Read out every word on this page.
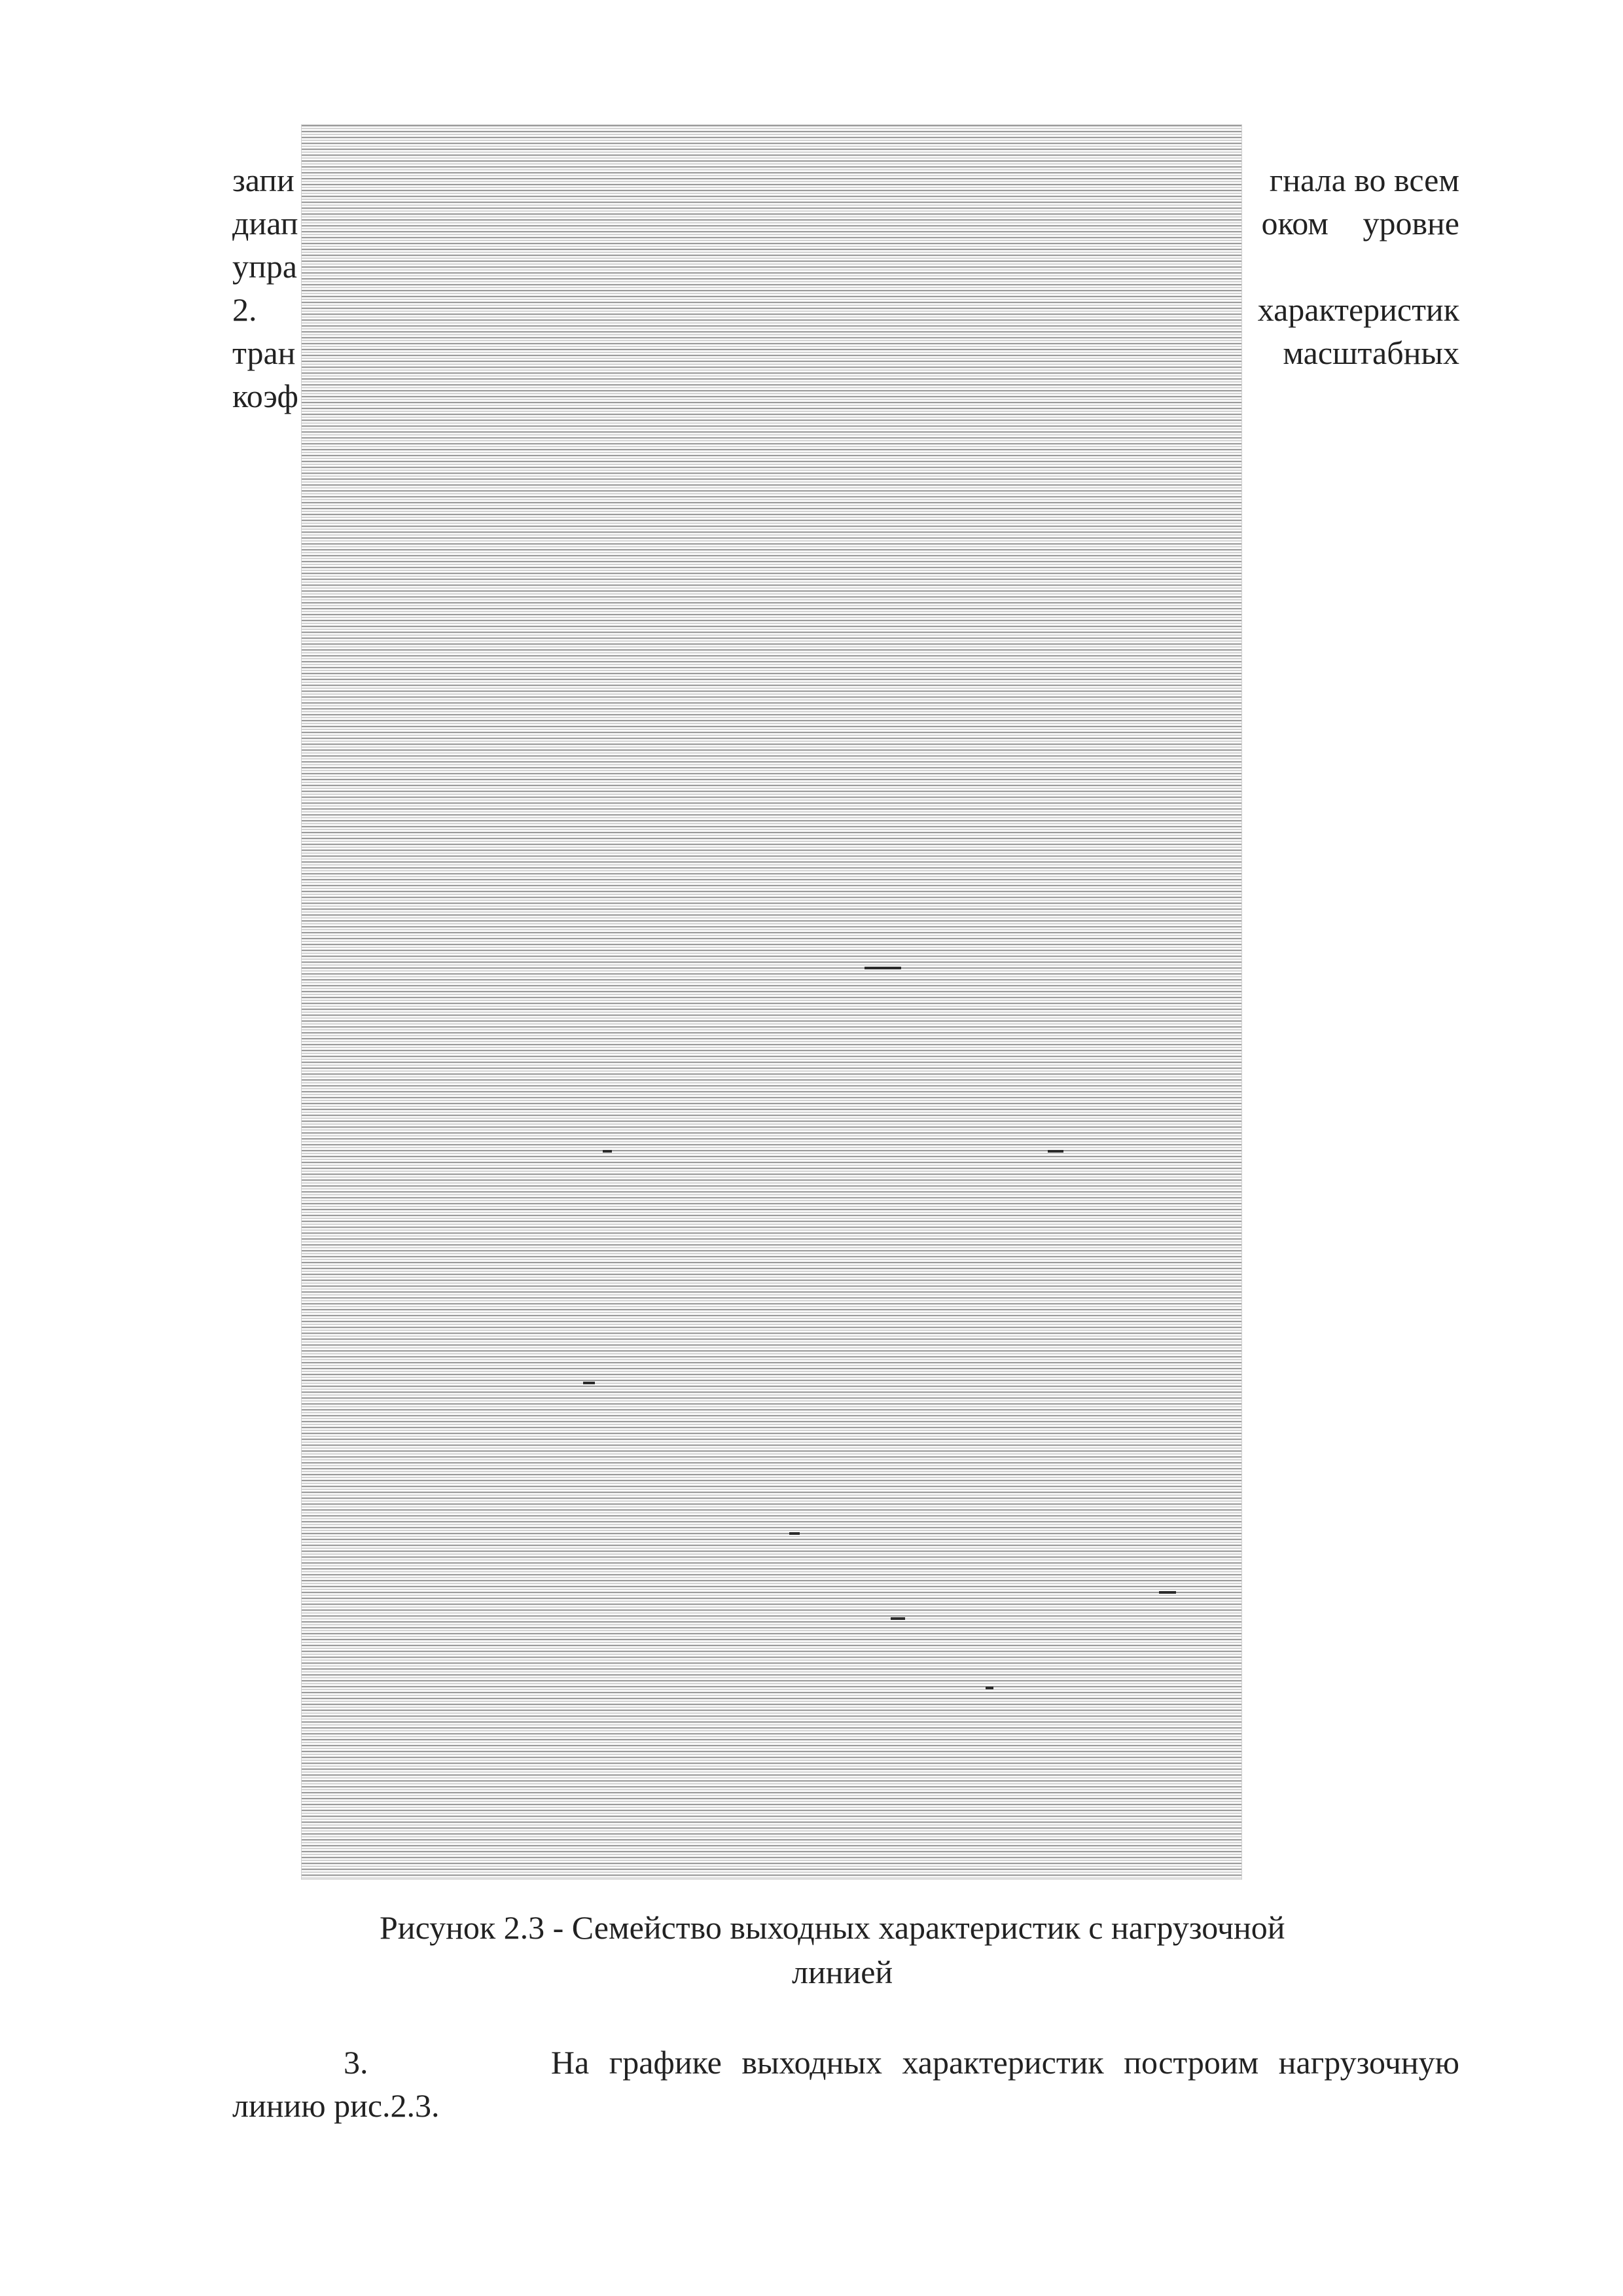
запи	гнала во всем
диап	оком уровне
упра
2.	характеристик
тран	масштабных
коэф
Рисунок 2.3 - Семейство выходных характеристик с нагрузочной
линией
3.	На графике выходных характеристик построим нагрузочную
линию рис.2.3.
